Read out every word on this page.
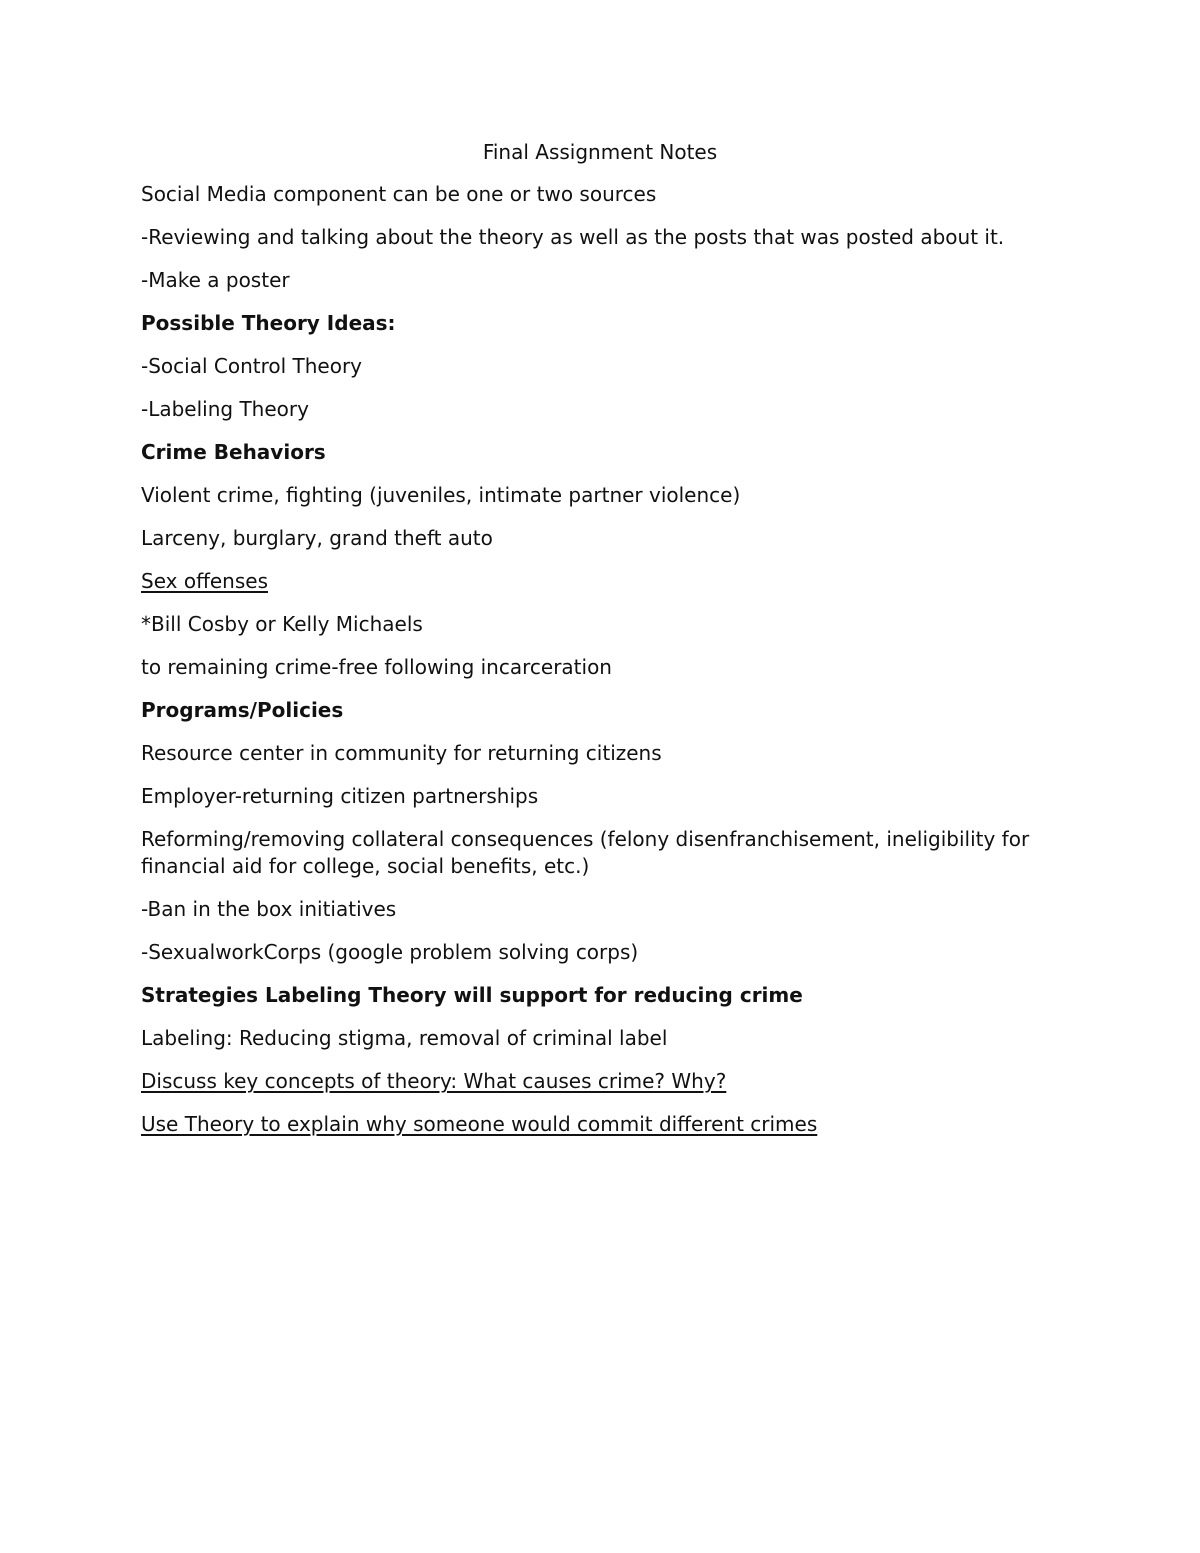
Final Assignment Notes

Social Media component can be one or two sources

-Reviewing and talking about the theory as well as the posts that was posted about it.

-Make a poster

Possible Theory Ideas:

-Social Control Theory

-Labeling Theory

Crime Behaviors

Violent crime, fighting (juveniles, intimate partner violence)

Larceny, burglary, grand theft auto

Sex offenses

*Bill Cosby or Kelly Michaels

to remaining crime-free following incarceration

Programs/Policies

Resource center in community for returning citizens

Employer-returning citizen partnerships

Reforming/removing collateral consequences (felony disenfranchisement, ineligibility for financial aid for college, social benefits, etc.)

-Ban in the box initiatives

-SexualworkCorps (google problem solving corps)

Strategies Labeling Theory will support for reducing crime

Labeling: Reducing stigma, removal of criminal label

Discuss key concepts of theory: What causes crime? Why?

Use Theory to explain why someone would commit different crimes
